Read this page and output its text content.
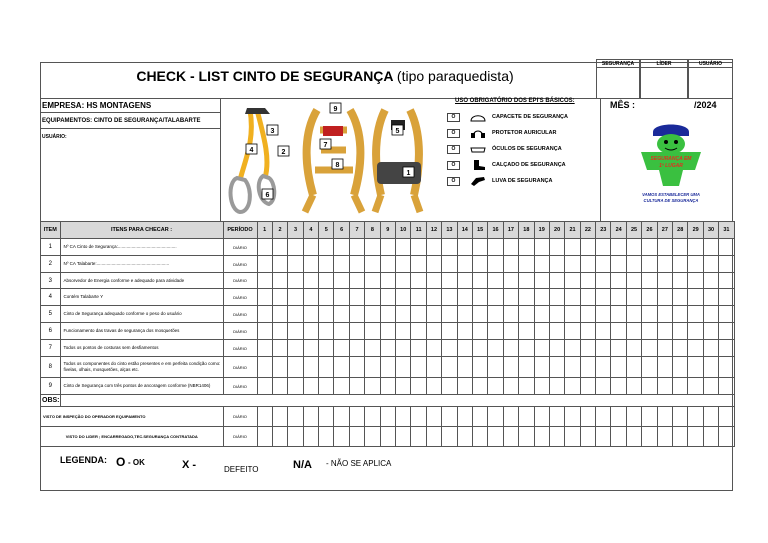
SEGURANÇA	LÍDER	USUÁRIO
CHECK - LIST CINTO DE SEGURANÇA (tipo paraquedista)
EMPRESA: HS MONTAGENS
EQUIPAMENTOS: CINTO DE SEGURANÇA/TALABARTE
USUÁRIO:
1
2
3
4
5
6
7
8
9
USO OBRIGATÓRIO DOS EPI'S BÁSICOS:
O	CAPACETE DE SEGURANÇA
O	PROTETOR AURICULAR
O	ÓCULOS DE SEGURANÇA
O	CALÇADO DE SEGURANÇA
O	LUVA DE SEGURANÇA
MÊS :	/2024
SEGURANÇA EM
1º LUGAR
VAMOS ESTABELECER UMA
CULTURA DE SEGURANÇA
ITEM	ITENS PARA CHECAR :	PERÍODO	1	2	3	4	5	6	7	8	9	10	11	12	13	14	15	16	17	18	19	20	21	22	23	24	25	26	27	28	29	30	31
1	Nº CA Cinto de Segurança:...............................................	DIÁRIO																															
2	Nº CA Talabarte:..........................................................	DIÁRIO																															
3	Absorvedor de Energia conforme e adequado para atividade	DIÁRIO																															
4	Contém Talabarte Y	DIÁRIO																															
5	Cinto de Segurança adequado conforme o peso do usuário	DIÁRIO																															
6	Funcionamento das travas de segurança dos mosquetões	DIÁRIO																															
7	Todos os pontos de costuras sem desfiamentos	DIÁRIO																															
8	Todos os componentes do cinto estão presentes e em perfeita condição como: fivelas, olhais, mosquetões, alças etc.	DIÁRIO																															
9	Cinto de Segurança com três pontos de ancoragem conforme (NBR1406)	DIÁRIO																															
OBS:																																	
VISTO DE INSPEÇÃO DO OPERADOR EQUIPAMENTO		DIÁRIO																															
VISTO DO LIDER ; ENCARREGADO,TEC.SEGURANÇA CONTRATADA		DIÁRIO																															
LEGENDA: O - OK	X -	DEFEITO	N/A - NÃO SE APLICA
